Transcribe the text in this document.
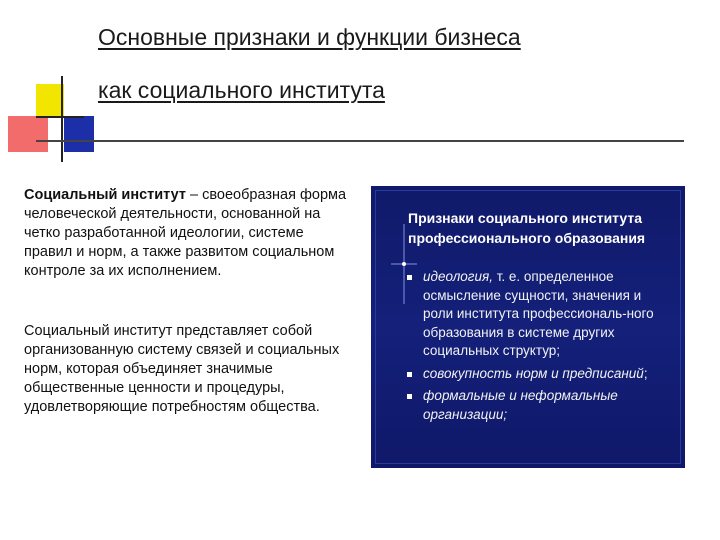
Основные признаки и функции бизнеса
как социального института
Социальный институт – своеобразная форма человеческой деятельности, основанной на четко разработанной идеологии, системе правил и норм, а также развитом социальном контроле за их исполнением.
Социальный институт представляет собой организованную систему связей и социальных норм, которая объединяет значимые общественные ценности и процедуры, удовлетворяющие потребностям общества.
Признаки социального института профессионального образования
идеология, т. е. определенное осмысление сущности, значения и роли института профессиональ-ного образования в системе других социальных структур;
совокупность норм и предписаний;
формальные и неформальные организации;
